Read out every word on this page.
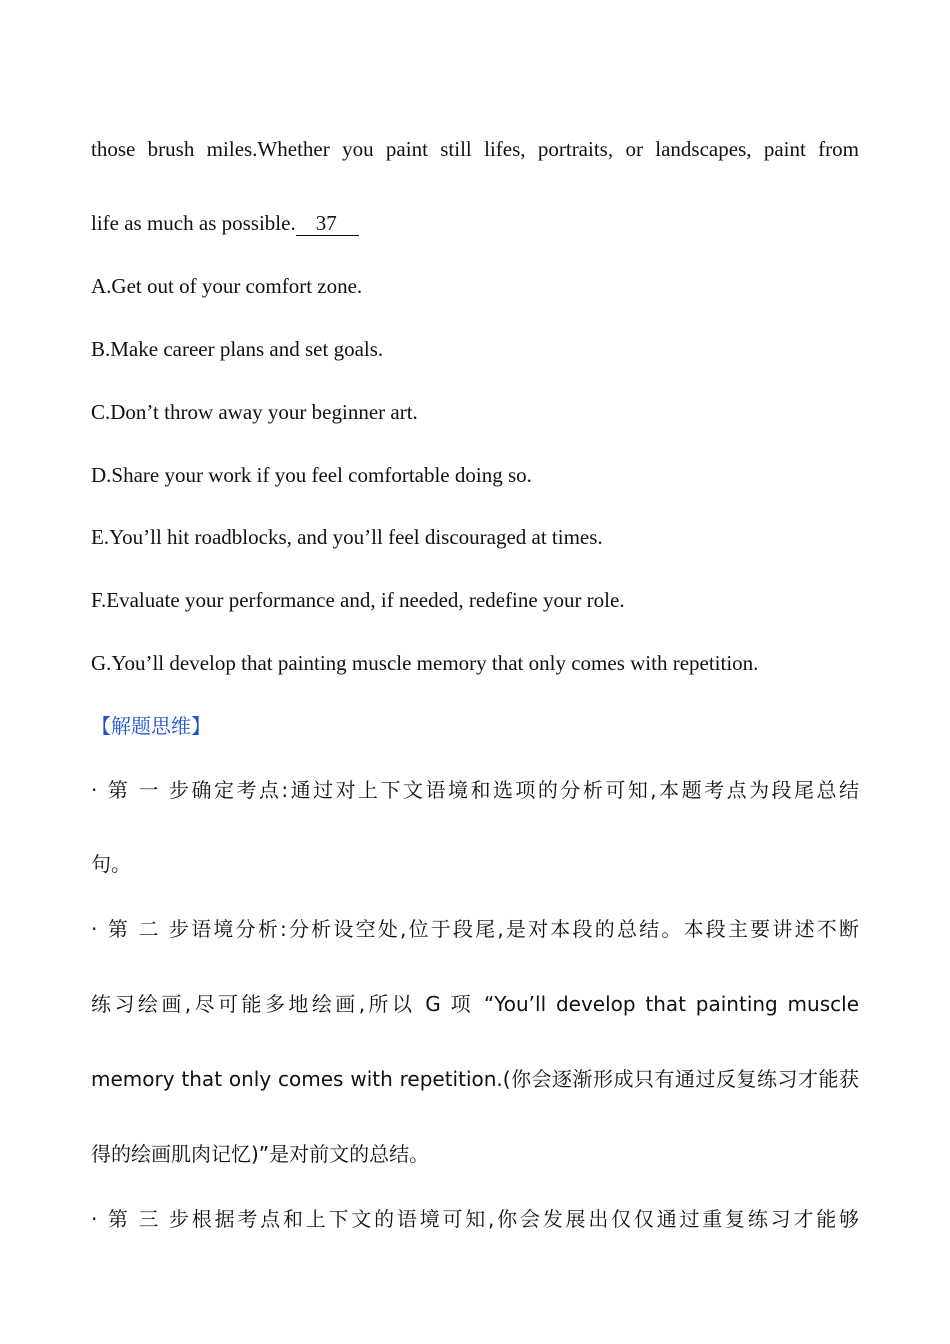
those brush miles.Whether you paint still lifes, portraits, or landscapes, paint from
life as much as possible. 37
A.Get out of your comfort zone.
B.Make career plans and set goals.
C.Don’t throw away your beginner art.
D.Share your work if you feel comfortable doing so.
E.You’ll hit roadblocks, and you’ll feel discouraged at times.
F.Evaluate your performance and, if needed, redefine your role.
G.You’ll develop that painting muscle memory that only comes with repetition.
【解题思维】
·第一步确定考点:通过对上下文语境和选项的分析可知,本题考点为段尾总结
句。
·第二步语境分析:分析设空处,位于段尾,是对本段的总结。本段主要讲述不断
练习绘画,尽可能多地绘画,所以 G 项 “You’ll develop that painting muscle
memory that only comes with repetition.(你会逐渐形成只有通过反复练习才能获
得的绘画肌肉记忆)”是对前文的总结。
·第三步根据考点和上下文的语境可知,你会发展出仅仅通过重复练习才能够
